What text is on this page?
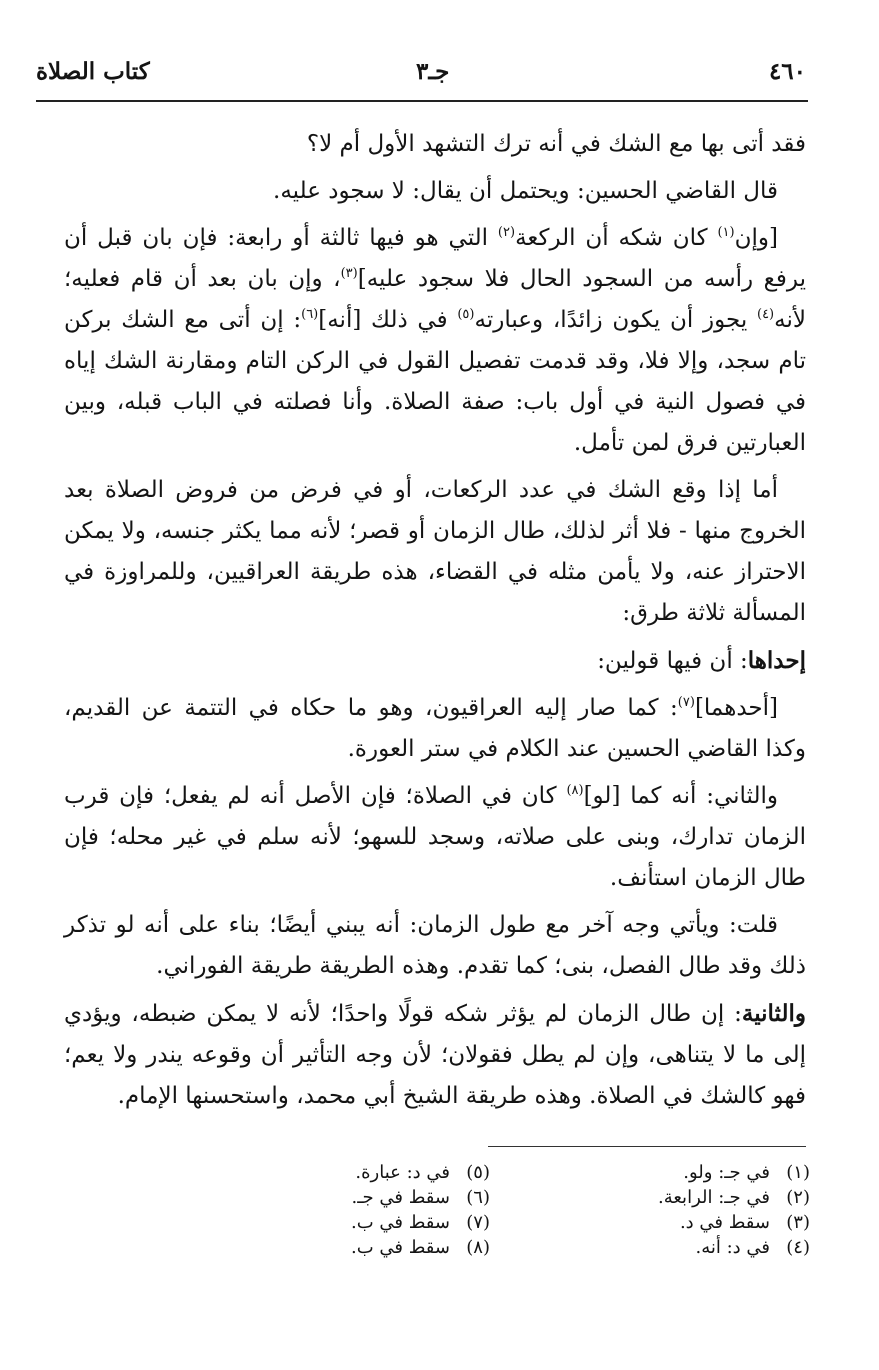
٤٦٠
جـ٣
كتاب الصلاة

فقد أتى بها مع الشك في أنه ترك التشهد الأول أم لا؟

قال القاضي الحسين: ويحتمل أن يقال: لا سجود عليه.

[وإن$^{(١)}$ كان شكه أن الركعة$^{(٢)}$ التي هو فيها ثالثة أو رابعة: فإن بان قبل أن يرفع رأسه من السجود الحال فلا سجود عليه]$^{(٣)}$، وإن بان بعد أن قام فعليه؛ لأنه$^{(٤)}$ يجوز أن يكون زائدًا، وعبارته$^{(٥)}$ في ذلك [أنه]$^{(٦)}$: إن أتى مع الشك بركن تام سجد، وإلا فلا، وقد قدمت تفصيل القول في الركن التام ومقارنة الشك إياه في فصول النية في أول باب: صفة الصلاة. وأنا فصلته في الباب قبله، وبين العبارتين فرق لمن تأمل.

أما إذا وقع الشك في عدد الركعات، أو في فرض من فروض الصلاة بعد الخروج منها - فلا أثر لذلك، طال الزمان أو قصر؛ لأنه مما يكثر جنسه، ولا يمكن الاحتراز عنه، ولا يأمن مثله في القضاء، هذه طريقة العراقيين، وللمراوزة في المسألة ثلاثة طرق:

إحداها: أن فيها قولين:

[أحدهما]$^{(٧)}$: كما صار إليه العراقيون، وهو ما حكاه في التتمة عن القديم، وكذا القاضي الحسين عند الكلام في ستر العورة.

والثاني: أنه كما [لو]$^{(٨)}$ كان في الصلاة؛ فإن الأصل أنه لم يفعل؛ فإن قرب الزمان تدارك، وبنى على صلاته، وسجد للسهو؛ لأنه سلم في غير محله؛ فإن طال الزمان استأنف.

قلت: ويأتي وجه آخر مع طول الزمان: أنه يبني أيضًا؛ بناء على أنه لو تذكر ذلك وقد طال الفصل، بنى؛ كما تقدم. وهذه الطريقة طريقة الفوراني.

والثانية: إن طال الزمان لم يؤثر شكه قولًا واحدًا؛ لأنه لا يمكن ضبطه، ويؤدي إلى ما لا يتناهى، وإن لم يطل فقولان؛ لأن وجه التأثير أن وقوعه يندر ولا يعم؛ فهو كالشك في الصلاة. وهذه طريقة الشيخ أبي محمد، واستحسنها الإمام.

(١)في جـ: ولو.
(٢)في جـ: الرابعة.
(٣)سقط في د.
(٤)في د: أنه.
(٥)في د: عبارة.
(٦)سقط في جـ.
(٧)سقط في ب.
(٨)سقط في ب.
